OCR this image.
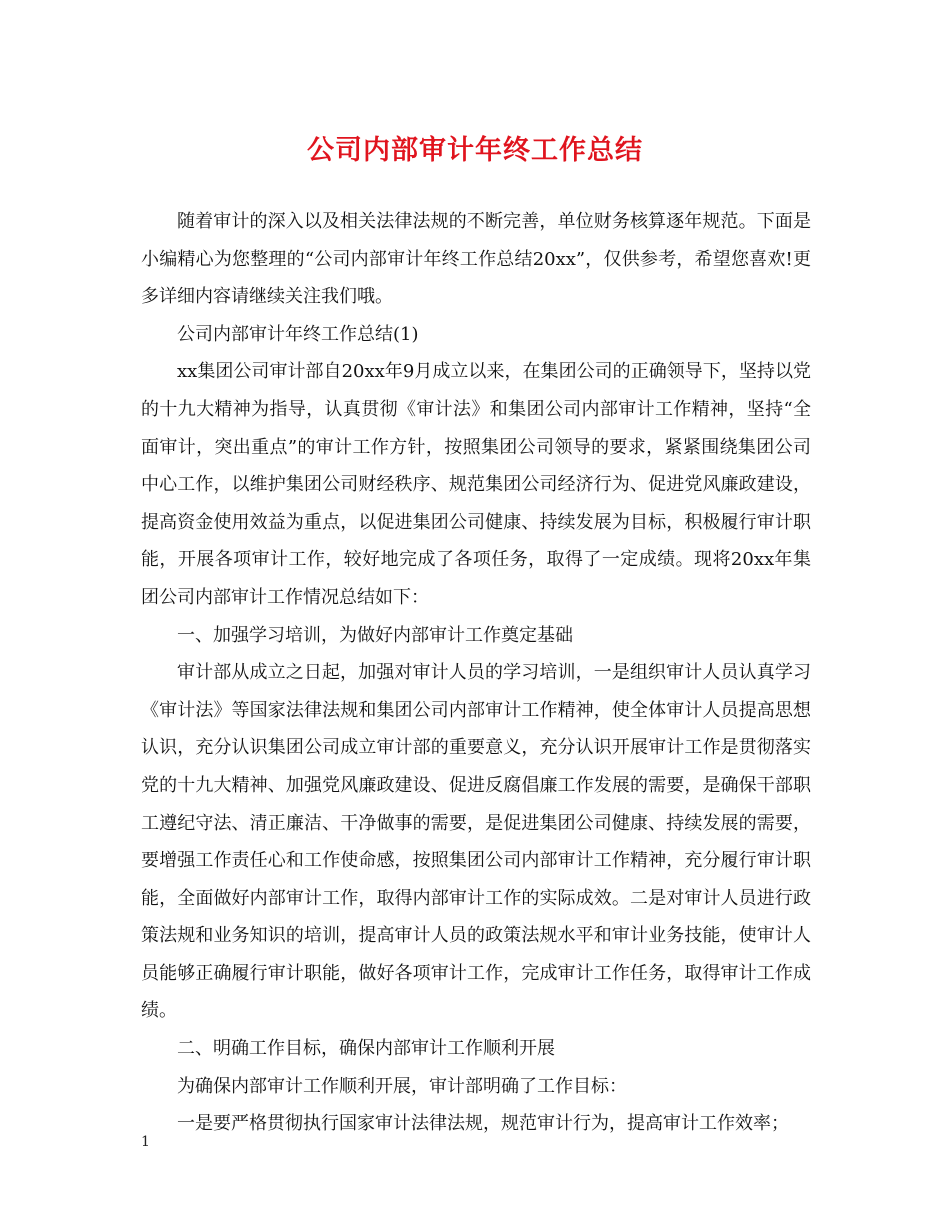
公司内部审计年终工作总结

随着审计的深入以及相关法律法规的不断完善，单位财务核算逐年规范。下面是小编精心为您整理的“公司内部审计年终工作总结20xx”，仅供参考，希望您喜欢!更多详细内容请继续关注我们哦。

公司内部审计年终工作总结(1)

xx集团公司审计部自20xx年9月成立以来，在集团公司的正确领导下，坚持以党的十九大精神为指导，认真贯彻《审计法》和集团公司内部审计工作精神，坚持“全面审计，突出重点”的审计工作方针，按照集团公司领导的要求，紧紧围绕集团公司中心工作，以维护集团公司财经秩序、规范集团公司经济行为、促进党风廉政建设，提高资金使用效益为重点，以促进集团公司健康、持续发展为目标，积极履行审计职能，开展各项审计工作，较好地完成了各项任务，取得了一定成绩。现将20xx年集团公司内部审计工作情况总结如下：

一、加强学习培训，为做好内部审计工作奠定基础

审计部从成立之日起，加强对审计人员的学习培训，一是组织审计人员认真学习《审计法》等国家法律法规和集团公司内部审计工作精神，使全体审计人员提高思想认识，充分认识集团公司成立审计部的重要意义，充分认识开展审计工作是贯彻落实党的十九大精神、加强党风廉政建设、促进反腐倡廉工作发展的需要，是确保干部职工遵纪守法、清正廉洁、干净做事的需要，是促进集团公司健康、持续发展的需要，要增强工作责任心和工作使命感，按照集团公司内部审计工作精神，充分履行审计职能，全面做好内部审计工作，取得内部审计工作的实际成效。二是对审计人员进行政策法规和业务知识的培训，提高审计人员的政策法规水平和审计业务技能，使审计人员能够正确履行审计职能，做好各项审计工作，完成审计工作任务，取得审计工作成绩。

二、明确工作目标，确保内部审计工作顺利开展

为确保内部审计工作顺利开展，审计部明确了工作目标：

一是要严格贯彻执行国家审计法律法规，规范审计行为，提高审计工作效率；

1
